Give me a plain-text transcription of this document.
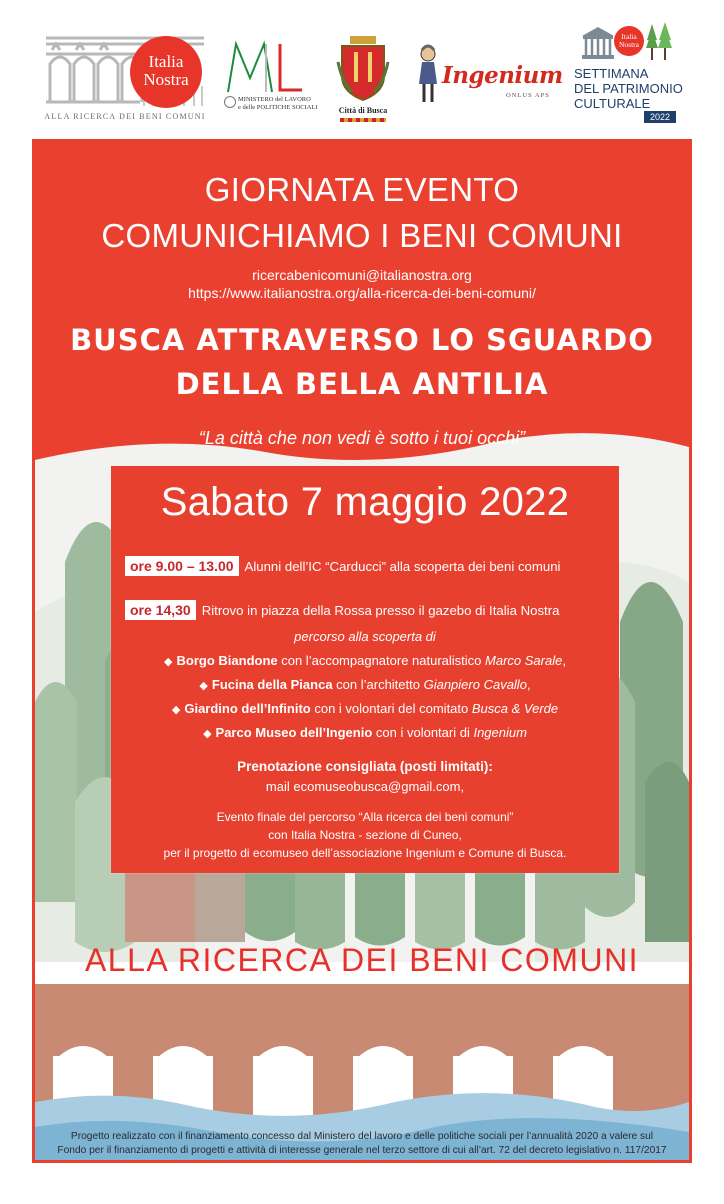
Italia Nostra
ALLA RICERCA DEI BENI COMUNI
MINISTERO del LAVORO
e delle POLITICHE SOCIALI	Città di Busca
Ingenium
ONLUS APS
Italia Nostra
SETTIMANA
DEL PATRIMONIO
CULTURALE
2022
GIORNATA EVENTO
COMUNICHIAMO I BENI COMUNI
ricercabenicomuni@italianostra.org
https://www.italianostra.org/alla-ricerca-dei-beni-comuni/
BUSCA ATTRAVERSO LO SGUARDO
DELLA BELLA ANTILIA
“La città che non vedi è sotto i tuoi occhi”
Sabato 7 maggio 2022
ore 9.00 – 13.00 Alunni dell’IC “Carducci” alla scoperta dei beni comuni
ore 14,30 Ritrovo in piazza della Rossa presso il gazebo di Italia Nostra
percorso alla scoperta di
◆ Borgo Biandone con l’accompagnatore naturalistico Marco Sarale,
◆ Fucina della Pianca con l’architetto Gianpiero Cavallo,
◆ Giardino dell’Infinito con i volontari del comitato Busca & Verde
◆ Parco Museo dell’Ingenio con i volontari di Ingenium
Prenotazione consigliata (posti limitati):
mail ecomuseobusca@gmail.com,
Evento finale del percorso “Alla ricerca dei beni comuni”
con Italia Nostra - sezione di Cuneo,
per il progetto di ecomuseo dell’associazione Ingenium e Comune di Busca.
ALLA RICERCA DEI BENI COMUNI
Progetto realizzato con il finanziamento concesso dal Ministero del lavoro e delle politiche sociali per l’annualità 2020 a valere sul
Fondo per il finanziamento di progetti e attività di interesse generale nel terzo settore di cui all’art. 72 del decreto legislativo n. 117/2017
